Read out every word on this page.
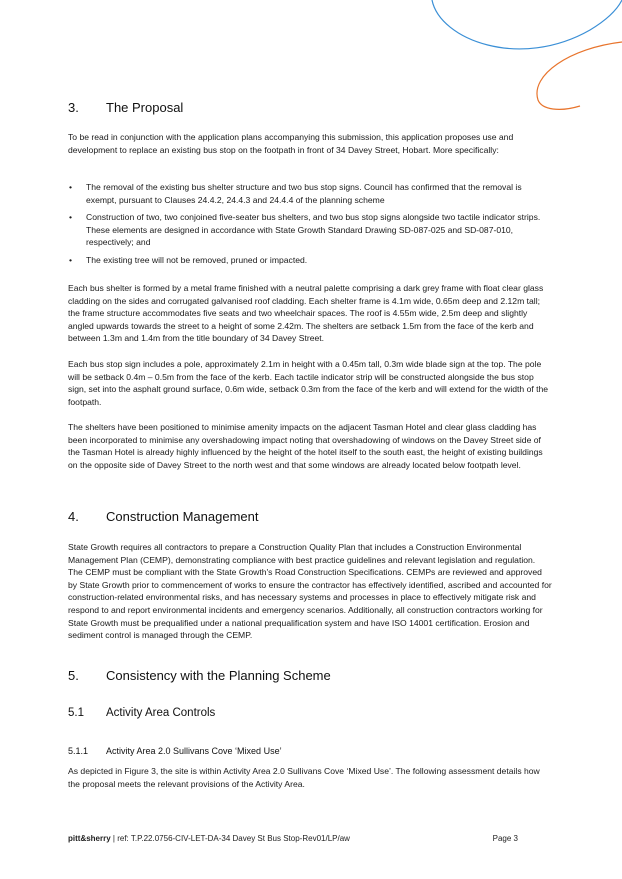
3. The Proposal

To be read in conjunction with the application plans accompanying this submission, this application proposes use and development to replace an existing bus stop on the footpath in front of 34 Davey Street, Hobart. More specifically:

• The removal of the existing bus shelter structure and two bus stop signs. Council has confirmed that the removal is exempt, pursuant to Clauses 24.4.2, 24.4.3 and 24.4.4 of the planning scheme
• Construction of two, two conjoined five-seater bus shelters, and two bus stop signs alongside two tactile indicator strips. These elements are designed in accordance with State Growth Standard Drawing SD-087-025 and SD-087-010, respectively; and
• The existing tree will not be removed, pruned or impacted.

Each bus shelter is formed by a metal frame finished with a neutral palette comprising a dark grey frame with float clear glass cladding on the sides and corrugated galvanised roof cladding. Each shelter frame is 4.1m wide, 0.65m deep and 2.12m tall; the frame structure accommodates five seats and two wheelchair spaces. The roof is 4.55m wide, 2.5m deep and slightly angled upwards towards the street to a height of some 2.42m. The shelters are setback 1.5m from the face of the kerb and between 1.3m and 1.4m from the title boundary of 34 Davey Street.

Each bus stop sign includes a pole, approximately 2.1m in height with a 0.45m tall, 0.3m wide blade sign at the top. The pole will be setback 0.4m – 0.5m from the face of the kerb. Each tactile indicator strip will be constructed alongside the bus stop sign, set into the asphalt ground surface, 0.6m wide, setback 0.3m from the face of the kerb and will extend for the width of the footpath.

The shelters have been positioned to minimise amenity impacts on the adjacent Tasman Hotel and clear glass cladding has been incorporated to minimise any overshadowing impact noting that overshadowing of windows on the Davey Street side of the Tasman Hotel is already highly influenced by the height of the hotel itself to the south east, the height of existing buildings on the opposite side of Davey Street to the north west and that some windows are already located below footpath level.

4. Construction Management

State Growth requires all contractors to prepare a Construction Quality Plan that includes a Construction Environmental Management Plan (CEMP), demonstrating compliance with best practice guidelines and relevant legislation and regulation. The CEMP must be compliant with the State Growth's Road Construction Specifications. CEMPs are reviewed and approved by State Growth prior to commencement of works to ensure the contractor has effectively identified, ascribed and accounted for construction-related environmental risks, and has necessary systems and processes in place to effectively mitigate risk and respond to and report environmental incidents and emergency scenarios. Additionally, all construction contractors working for State Growth must be prequalified under a national prequalification system and have ISO 14001 certification. Erosion and sediment control is managed through the CEMP.

5. Consistency with the Planning Scheme
5.1 Activity Area Controls
5.1.1 Activity Area 2.0 Sullivans Cove ‘Mixed Use’

As depicted in Figure 3, the site is within Activity Area 2.0 Sullivans Cove ‘Mixed Use’. The following assessment details how the proposal meets the relevant provisions of the Activity Area.

pitt&sherry | ref: T.P.22.0756-CIV-LET-DA-34 Davey St Bus Stop-Rev01/LP/aw	Page 3
